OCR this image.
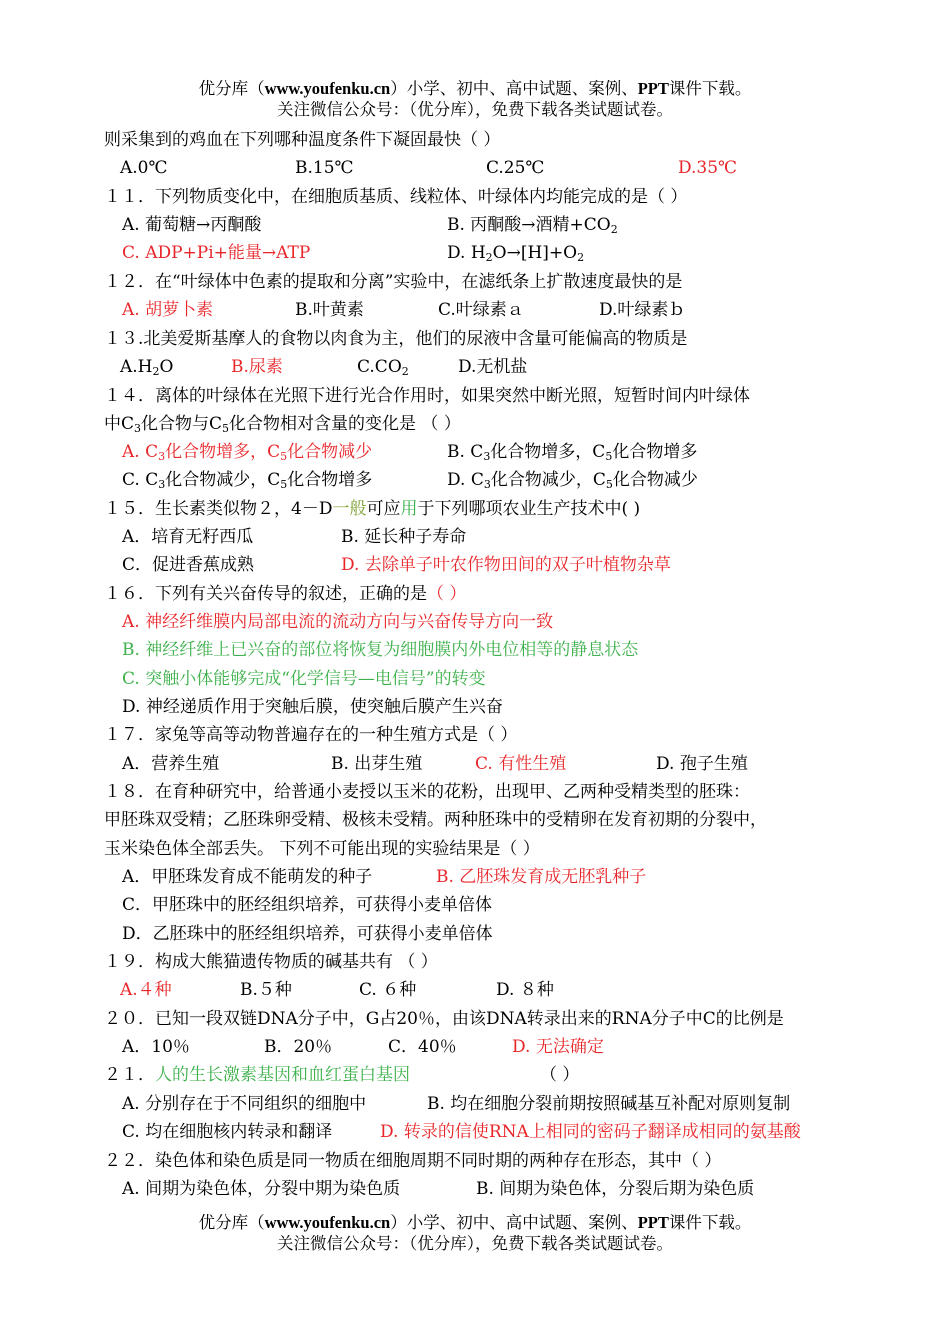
优分库（www.youfenku.cn）小学、初中、高中试题、案例、PPT课件下载。
关注微信公众号：（优分库），免费下载各类试题试卷。
则采集到的鸡血在下列哪种温度条件下凝固最快（ ）
A.0℃	B.15℃	C.25℃	D.35℃
１１．下列物质变化中，在细胞质基质、线粒体、叶绿体内均能完成的是（ ）
A. 葡萄糖→丙酮酸	B. 丙酮酸→酒精$+CO_2$
C. ADP+Pi+能量→ATP	D. $H_2O\to[H]+O_2$
１２．在“叶绿体中色素的提取和分离”实验中，在滤纸条上扩散速度最快的是
A. 胡萝卜素	B.叶黄素	C.叶绿素ａ	D.叶绿素ｂ
１３.北美爱斯基摩人的食物以肉食为主，他们的尿液中含量可能偏高的物质是
$A.H_2O$	B.尿素	$C.CO_2$	D.无机盐
１４．离体的叶绿体在光照下进行光合作用时，如果突然中断光照，短暂时间内叶绿体
中$C_3$化合物与$C_5$化合物相对含量的变化是 （ ）
A. $C_3$化合物增多，$C_5$化合物减少	B. $C_3$化合物增多，$C_5$化合物增多
C. $C_3$化合物减少，$C_5$化合物增多	D. $C_3$化合物减少，$C_5$化合物减少
１５．生长素类似物２，4－D一般可应用于下列哪项农业生产技术中( )
A．培育无籽西瓜	B. 延长种子寿命
C．促进香蕉成熟	D. 去除单子叶农作物田间的双子叶植物杂草
１６．下列有关兴奋传导的叙述，正确的是（ ）
A. 神经纤维膜内局部电流的流动方向与兴奋传导方向一致
B. 神经纤维上已兴奋的部位将恢复为细胞膜内外电位相等的静息状态
C. 突触小体能够完成“化学信号—电信号”的转变
D. 神经递质作用于突触后膜，使突触后膜产生兴奋
１７．家兔等高等动物普遍存在的一种生殖方式是（ ）
A．营养生殖	B. 出芽生殖	C. 有性生殖	D. 孢子生殖
１８．在育种研究中，给普通小麦授以玉米的花粉，出现甲、乙两种受精类型的胚珠：
甲胚珠双受精；乙胚珠卵受精、极核未受精。两种胚珠中的受精卵在发育初期的分裂中，
玉米染色体全部丢失。 下列不可能出现的实验结果是（ ）
A．甲胚珠发育成不能萌发的种子	B. 乙胚珠发育成无胚乳种子
C．甲胚珠中的胚经组织培养，可获得小麦单倍体
D．乙胚珠中的胚经组织培养，可获得小麦单倍体
１９．构成大熊猫遗传物质的碱基共有 （ ）
A.４种	B.５种	C. ６种	D. ８种
２０．已知一段双链DNA分子中，G占20％，由该DNA转录出来的RNA分子中C的比例是
A．10％	B．20％	C．40％	D. 无法确定
２１．人的生长激素基因和血红蛋白基因	（ ）
A. 分别存在于不同组织的细胞中	B. 均在细胞分裂前期按照碱基互补配对原则复制
C. 均在细胞核内转录和翻译	D. 转录的信使RNA上相同的密码子翻译成相同的氨基酸
２２．染色体和染色质是同一物质在细胞周期不同时期的两种存在形态，其中（ ）
A. 间期为染色体，分裂中期为染色质	B. 间期为染色体，分裂后期为染色质
优分库（www.youfenku.cn）小学、初中、高中试题、案例、PPT课件下载。
关注微信公众号：（优分库），免费下载各类试题试卷。
